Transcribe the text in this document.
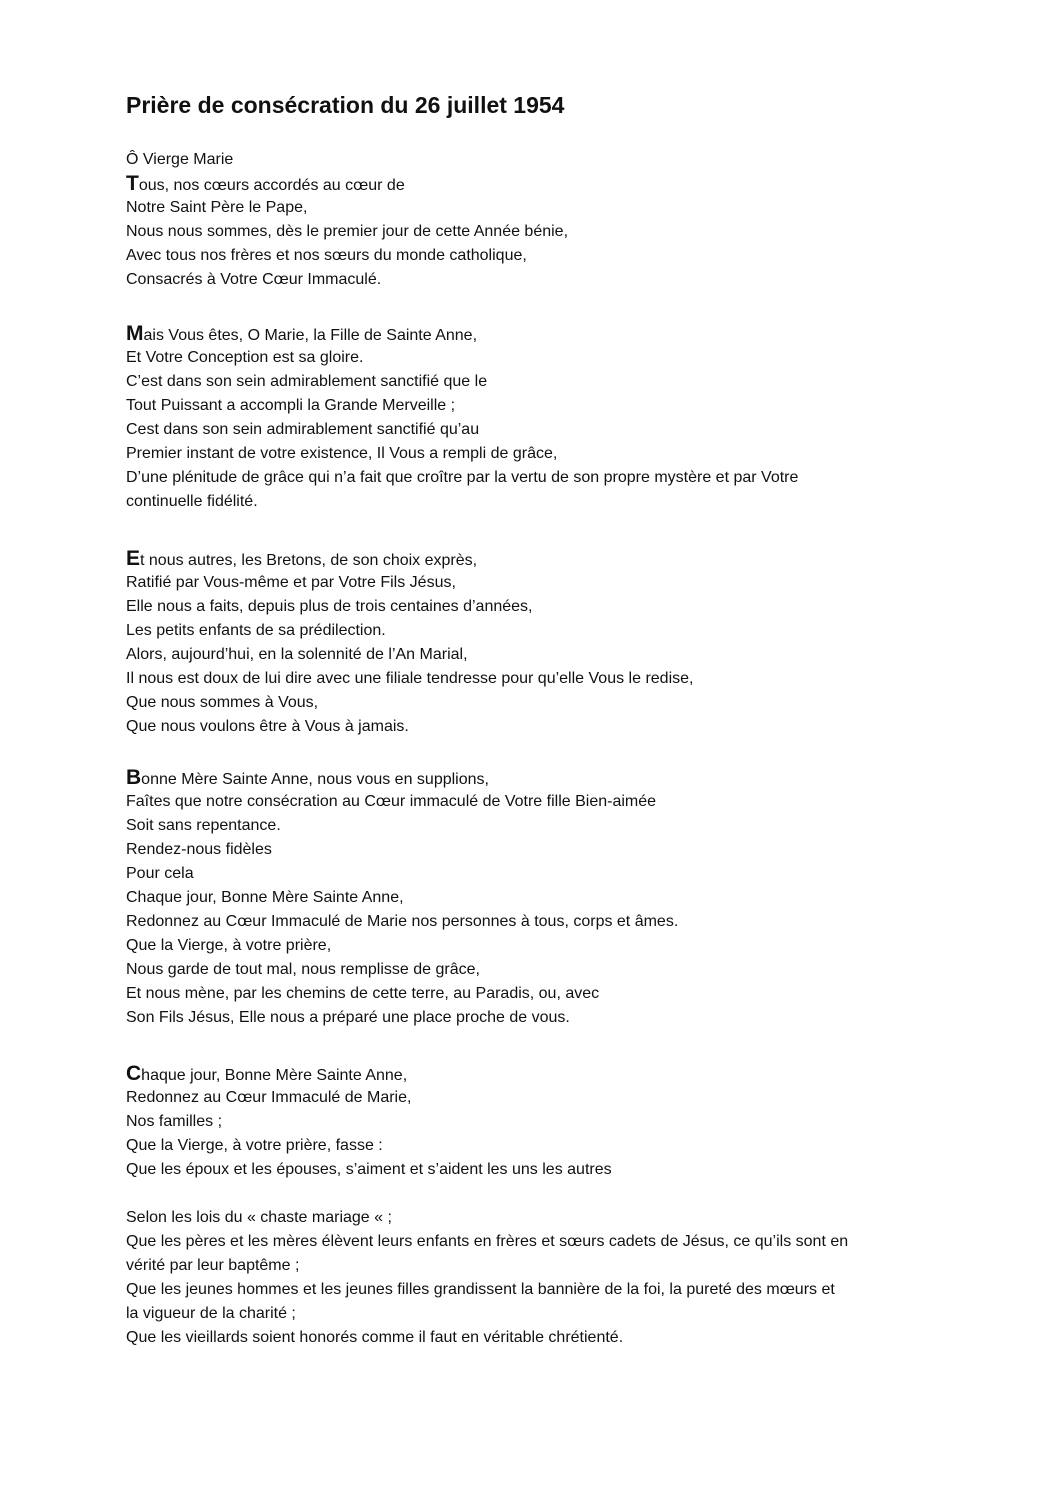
Prière de consécration du 26 juillet 1954
Ô Vierge Marie
Tous, nos cœurs accordés au cœur de
Notre Saint Père le Pape,
Nous nous sommes, dès le premier jour de cette Année bénie,
Avec tous nos frères et nos sœurs du monde catholique,
Consacrés à Votre Cœur Immaculé.
Mais Vous êtes, O Marie, la Fille de Sainte Anne,
Et Votre Conception est sa gloire.
C’est dans son sein admirablement sanctifié que le
Tout Puissant a accompli la Grande Merveille ;
Cest dans son sein admirablement sanctifié qu’au
Premier instant de votre existence, Il Vous a rempli de grâce,
D’une plénitude de grâce qui n’a fait que croître par la vertu de son propre mystère et par Votre
continuelle fidélité.
Et nous autres, les Bretons, de son choix exprès,
Ratifié par Vous-même et par Votre Fils Jésus,
Elle nous a faits, depuis plus de trois centaines d’années,
Les petits enfants de sa prédilection.
Alors, aujourd’hui, en la solennité de l’An Marial,
Il nous est doux de lui dire avec une filiale tendresse pour qu’elle Vous le redise,
Que nous sommes à Vous,
Que nous voulons être à Vous à jamais.
Bonne Mère Sainte Anne, nous vous en supplions,
Faîtes que notre consécration au Cœur immaculé de Votre fille Bien-aimée
Soit sans repentance.
Rendez-nous fidèles
Pour cela
Chaque jour, Bonne Mère Sainte Anne,
Redonnez au Cœur Immaculé de Marie nos personnes à tous, corps et âmes.
Que la Vierge, à votre prière,
Nous garde de tout mal, nous remplisse de grâce,
Et nous mène, par les chemins de cette terre, au Paradis, ou, avec
Son Fils Jésus, Elle nous a préparé une place proche de vous.
Chaque jour, Bonne Mère Sainte Anne,
Redonnez au Cœur Immaculé de Marie,
Nos familles ;
Que la Vierge, à votre prière, fasse :
Que les époux et les épouses, s’aiment et s’aident les uns les autres
Selon les lois du « chaste mariage « ;
Que les pères et les mères élèvent leurs enfants en frères et sœurs cadets de Jésus, ce qu’ils sont en
vérité par leur baptême ;
Que les jeunes hommes et les jeunes filles grandissent la bannière de la foi, la pureté des mœurs et
la vigueur de la charité ;
Que les vieillards soient honorés comme il faut en véritable chrétienté.
